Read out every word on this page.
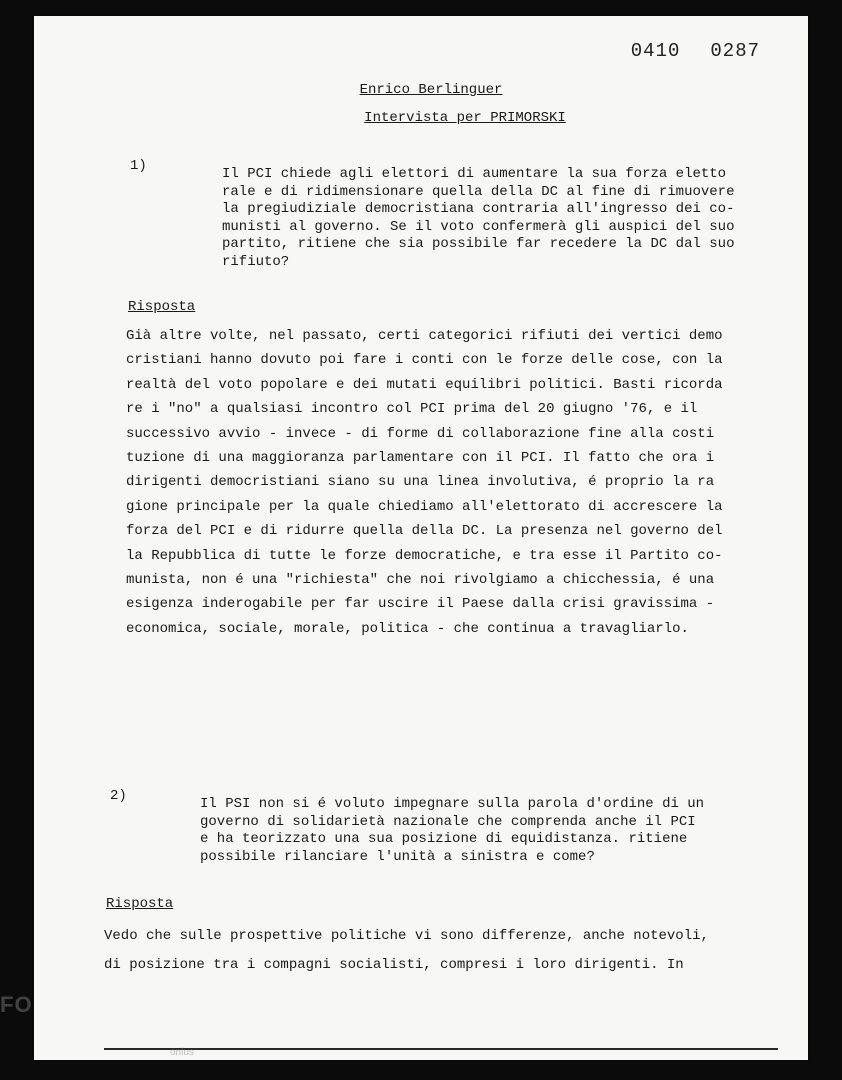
0410 0287
Enrico Berlinguer
Intervista per PRIMORSKI
1)	Il PCI chiede agli elettori di aumentare la sua forza eletto
rale e di ridimensionare quella della DC al fine di rimuovere
la pregiudiziale democristiana contraria all'ingresso dei co-
munisti al governo. Se il voto confermerà gli auspici del suo
partito, ritiene che sia possibile far recedere la DC dal suo
rifiuto?
Risposta
Già altre volte, nel passato, certi categorici rifiuti dei vertici demo
cristiani hanno dovuto poi fare i conti con le forze delle cose, con la
realtà del voto popolare e dei mutati equilibri politici. Basti ricorda
re i "no" a qualsiasi incontro col PCI prima del 20 giugno '76, e il
successivo avvio - invece - di forme di collaborazione fine alla costi
tuzione di una maggioranza parlamentare con il PCI. Il fatto che ora i
dirigenti democristiani siano su una linea involutiva, é proprio la ra
gione principale per la quale chiediamo all'elettorato di accrescere la
forza del PCI e di ridurre quella della DC. La presenza nel governo del
la Repubblica di tutte le forze democratiche, e tra esse il Partito co-
munista, non é una "richiesta" che noi rivolgiamo a chicchessia, é una
esigenza inderogabile per far uscire il Paese dalla crisi gravissima -
economica, sociale, morale, politica - che continua a travagliarlo.
2)	Il PSI non si é voluto impegnare sulla parola d'ordine di un
governo di solidarietà nazionale che comprenda anche il PCI
e ha teorizzato una sua posizione di equidistanza. ritiene
possibile rilanciare l'unità a sinistra e come?
Risposta
Vedo che sulle prospettive politiche vi sono differenze, anche notevoli,
di posizione tra i compagni socialisti, compresi i loro dirigenti. In
FO
onlus
